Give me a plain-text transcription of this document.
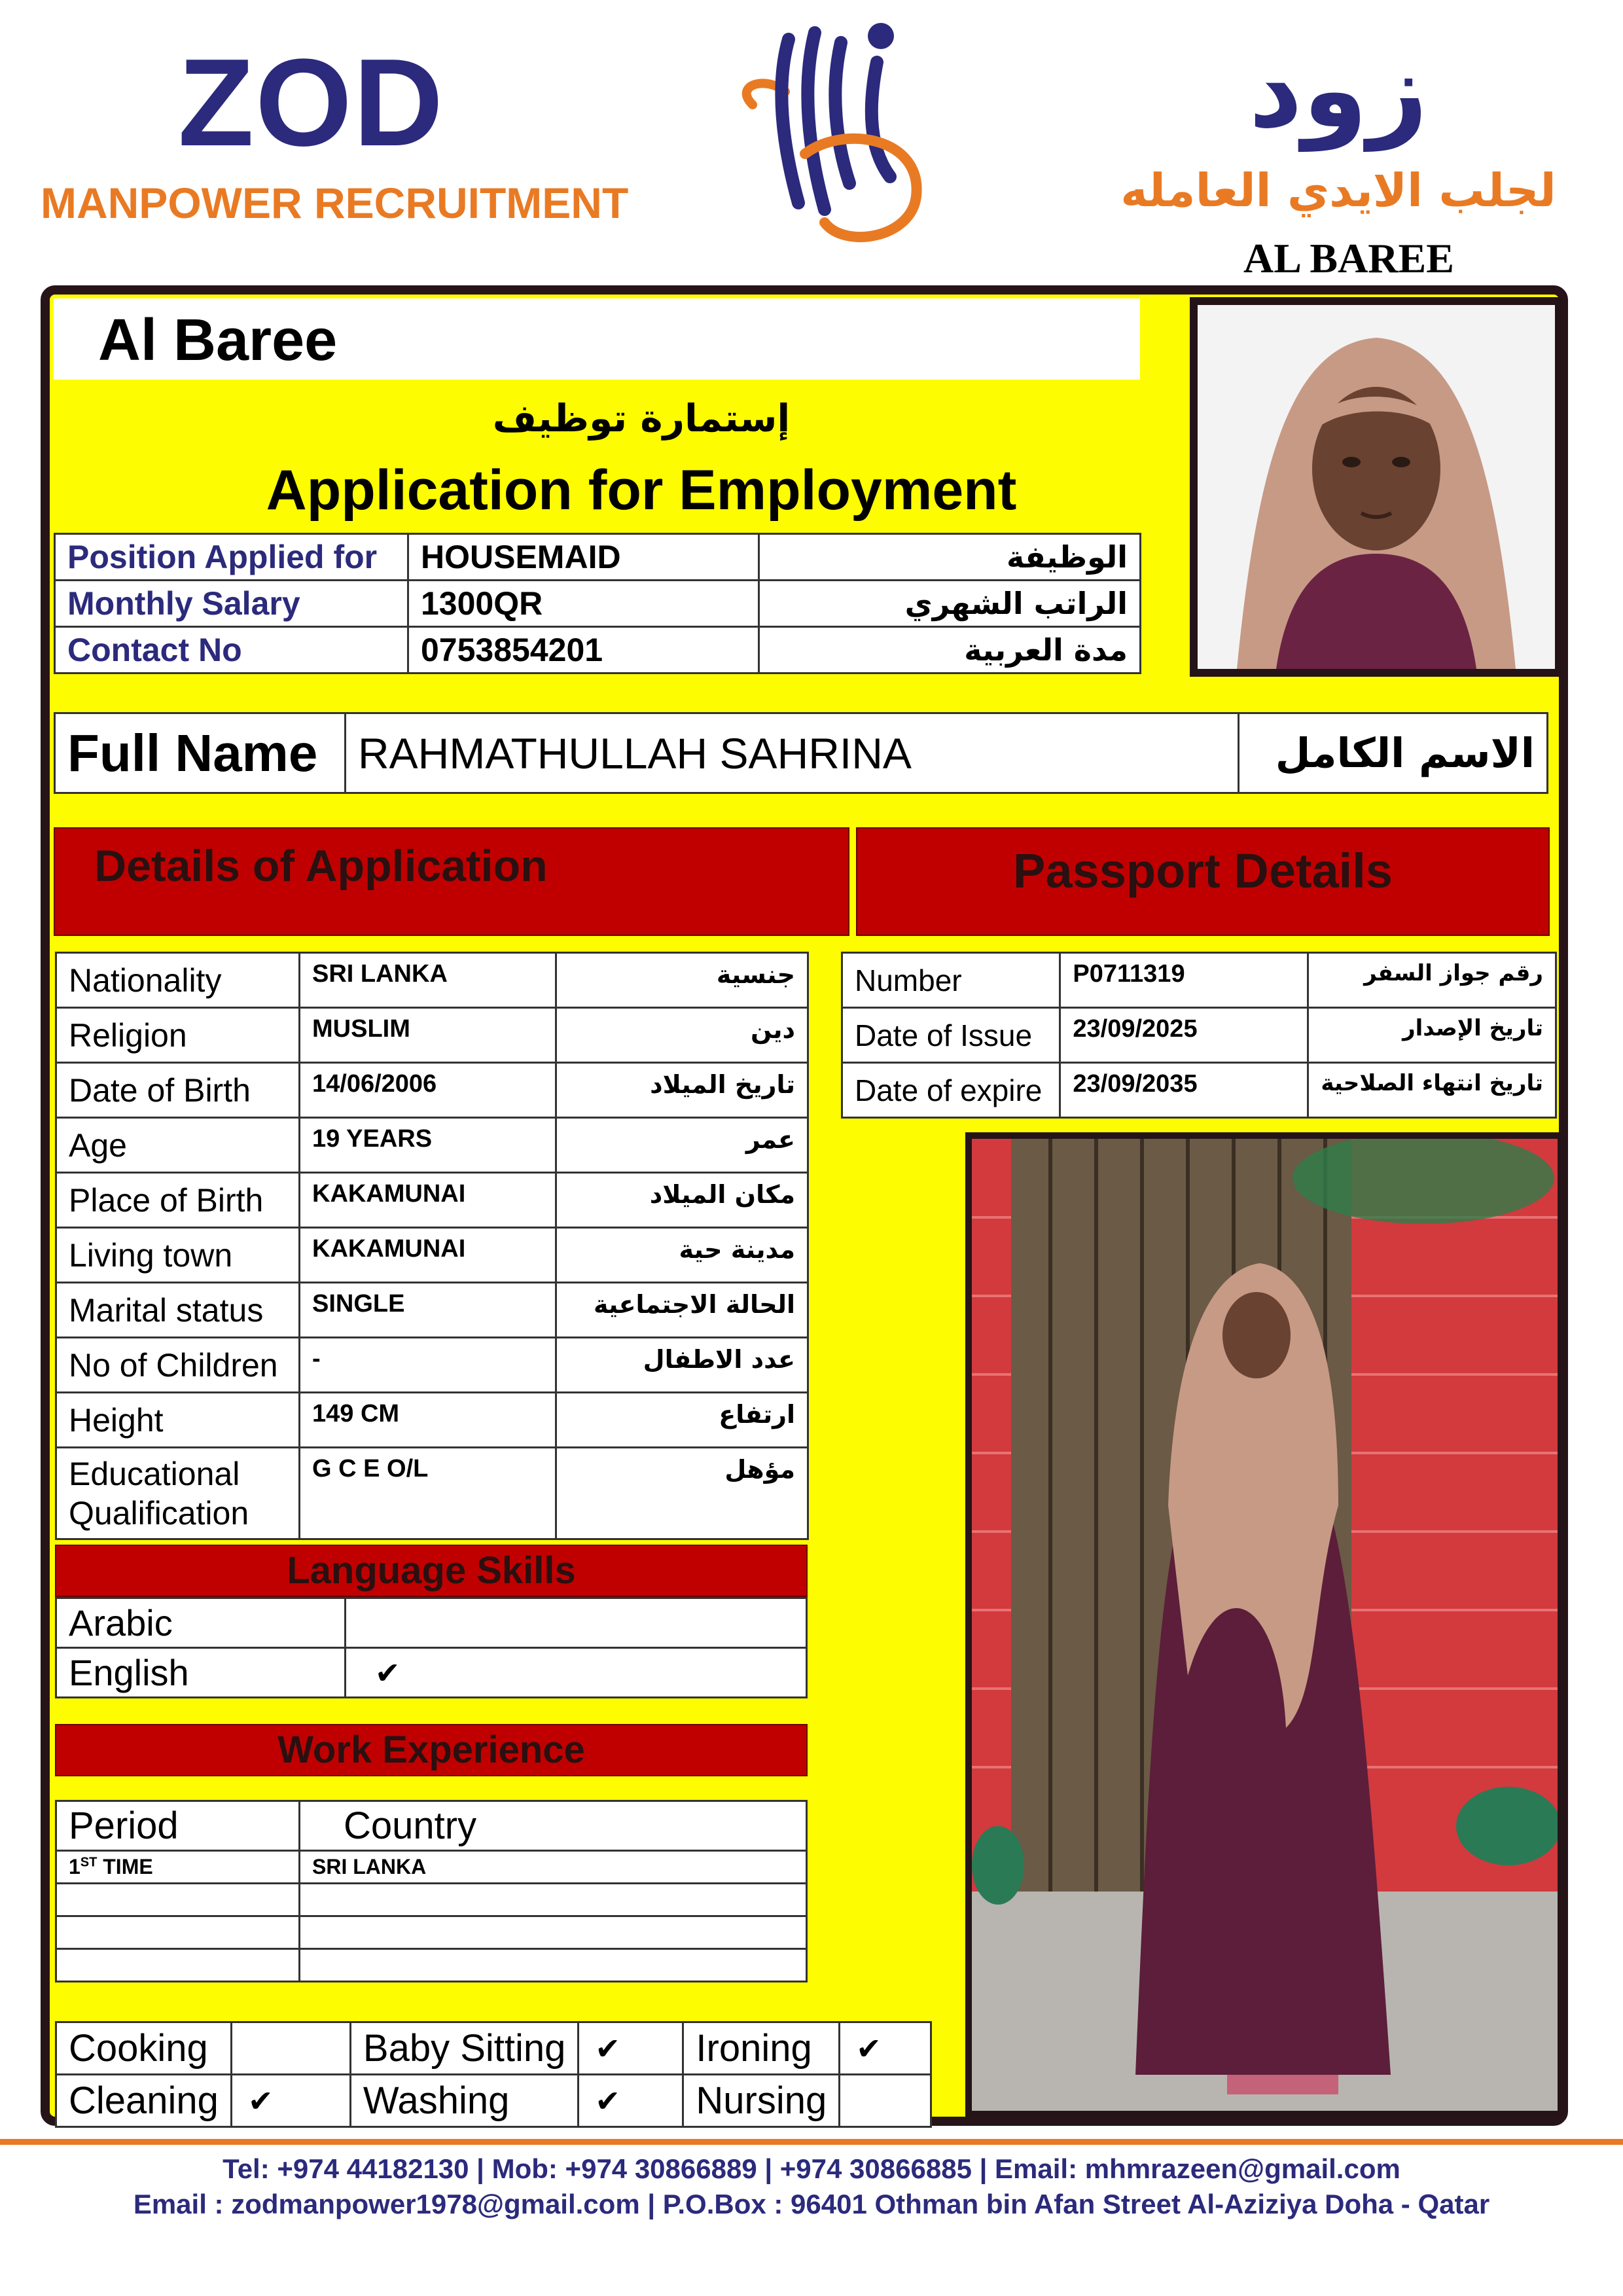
ZOD
MANPOWER RECRUITMENT
زود
لجلب الايدي العامله
AL BAREE
Al Baree
إستمارة توظيف
Application for Employment
Position Applied for	HOUSEMAID	الوظيفة
Monthly Salary	1300QR	الراتب الشهري
Contact No	0753854201	مدة العربية
Full Name	RAHMATHULLAH SAHRINA	الاسم الكامل
Details of Application	Passport Details
Nationality	SRI LANKA	جنسية
Religion	MUSLIM	دين
Date of Birth	14/06/2006	تاريخ الميلاد
Age	19 YEARS	عمر
Place of Birth	KAKAMUNAI	مكان الميلاد
Living town	KAKAMUNAI	مدينة حية
Marital status	SINGLE	الحالة الاجتماعية
No of Children	-	عدد الاطفال
Height	149 CM	ارتفاع
Educational Qualification	G C E O/L	مؤهل
Number	P0711319	رقم جواز السفر
Date of Issue	23/09/2025	تاريخ الإصدار
Date of expire	23/09/2035	تاريخ انتهاء الصلاحية
Language Skills
Arabic	
English	✔
Work Experience
Period	Country
1ST TIME	SRI LANKA

Cooking		Baby Sitting	✔	Ironing	✔
Cleaning	✔	Washing	✔	Nursing	
Tel: +974 44182130 | Mob: +974 30866889 | +974 30866885 | Email: mhmrazeen@gmail.com
Email : zodmanpower1978@gmail.com | P.O.Box : 96401 Othman bin Afan Street Al-Aziziya Doha - Qatar
